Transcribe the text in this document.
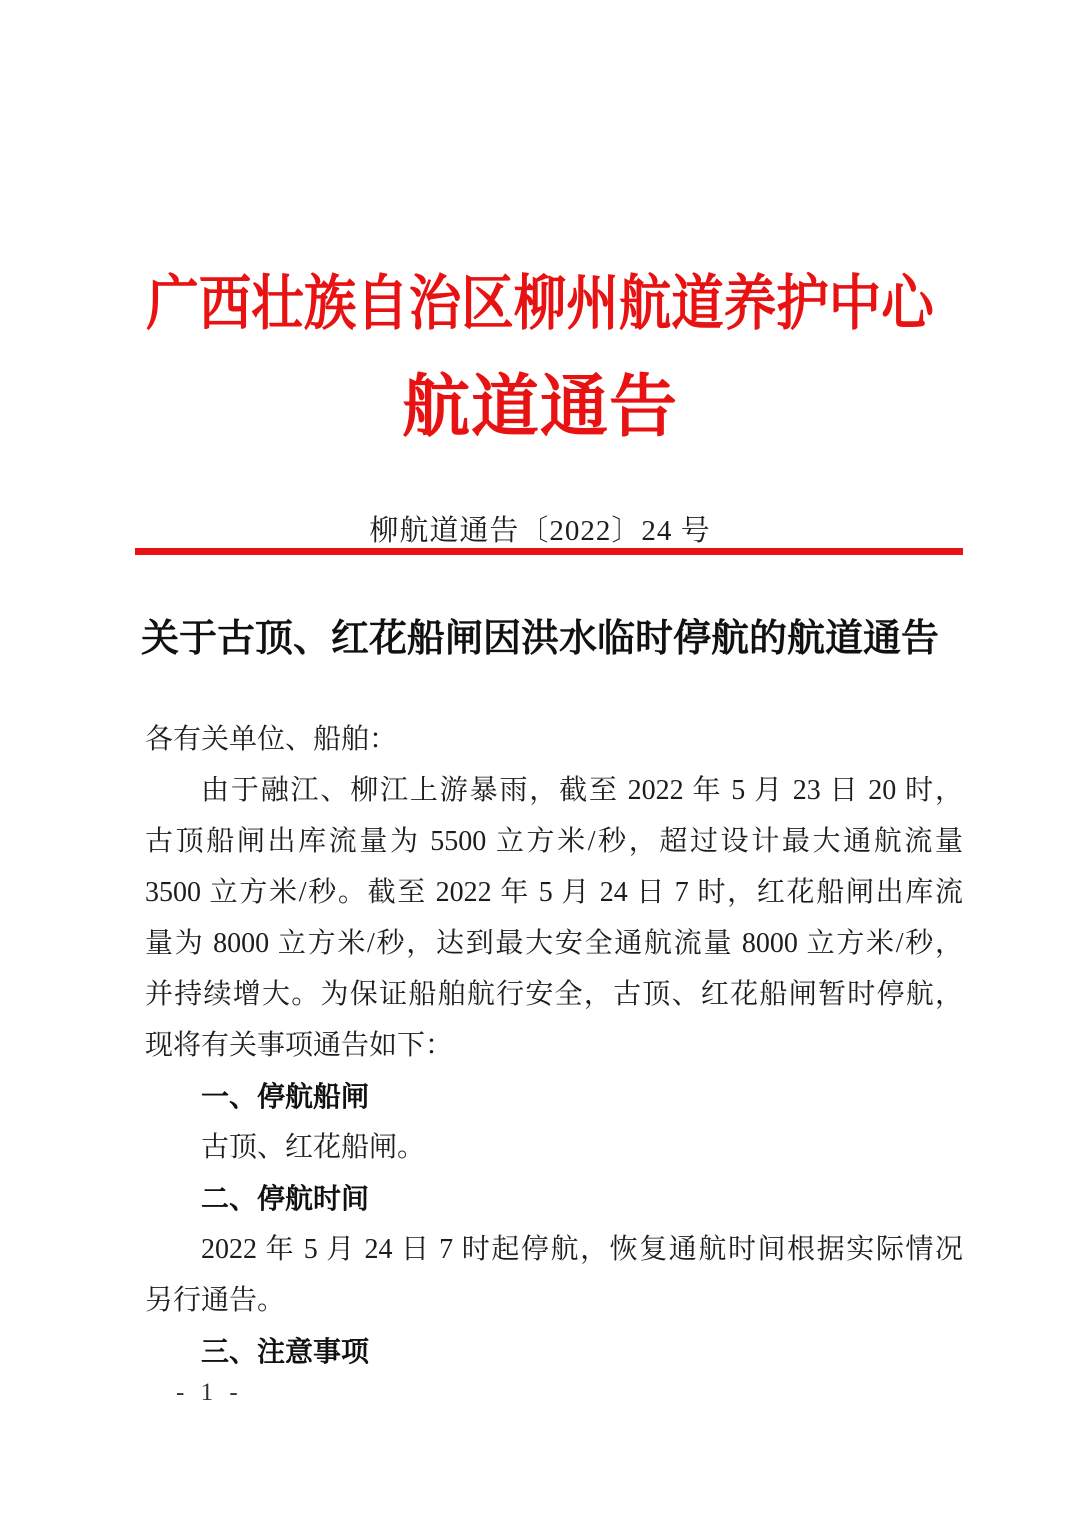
广西壮族自治区柳州航道养护中心
航道通告
柳航道通告〔2022〕24 号
关于古顶、红花船闸因洪水临时停航的航道通告
各有关单位、船舶：
由于融江、柳江上游暴雨，截至 2022 年 5 月 23 日 20 时，
古顶船闸出库流量为 5500 立方米/秒，超过设计最大通航流量
3500 立方米/秒。截至 2022 年 5 月 24 日 7 时，红花船闸出库流
量为 8000 立方米/秒，达到最大安全通航流量 8000 立方米/秒，
并持续增大。为保证船舶航行安全，古顶、红花船闸暂时停航，
现将有关事项通告如下：
一、停航船闸
古顶、红花船闸。
二、停航时间
2022 年 5 月 24 日 7 时起停航，恢复通航时间根据实际情况
另行通告。
三、注意事项
- 1 -
